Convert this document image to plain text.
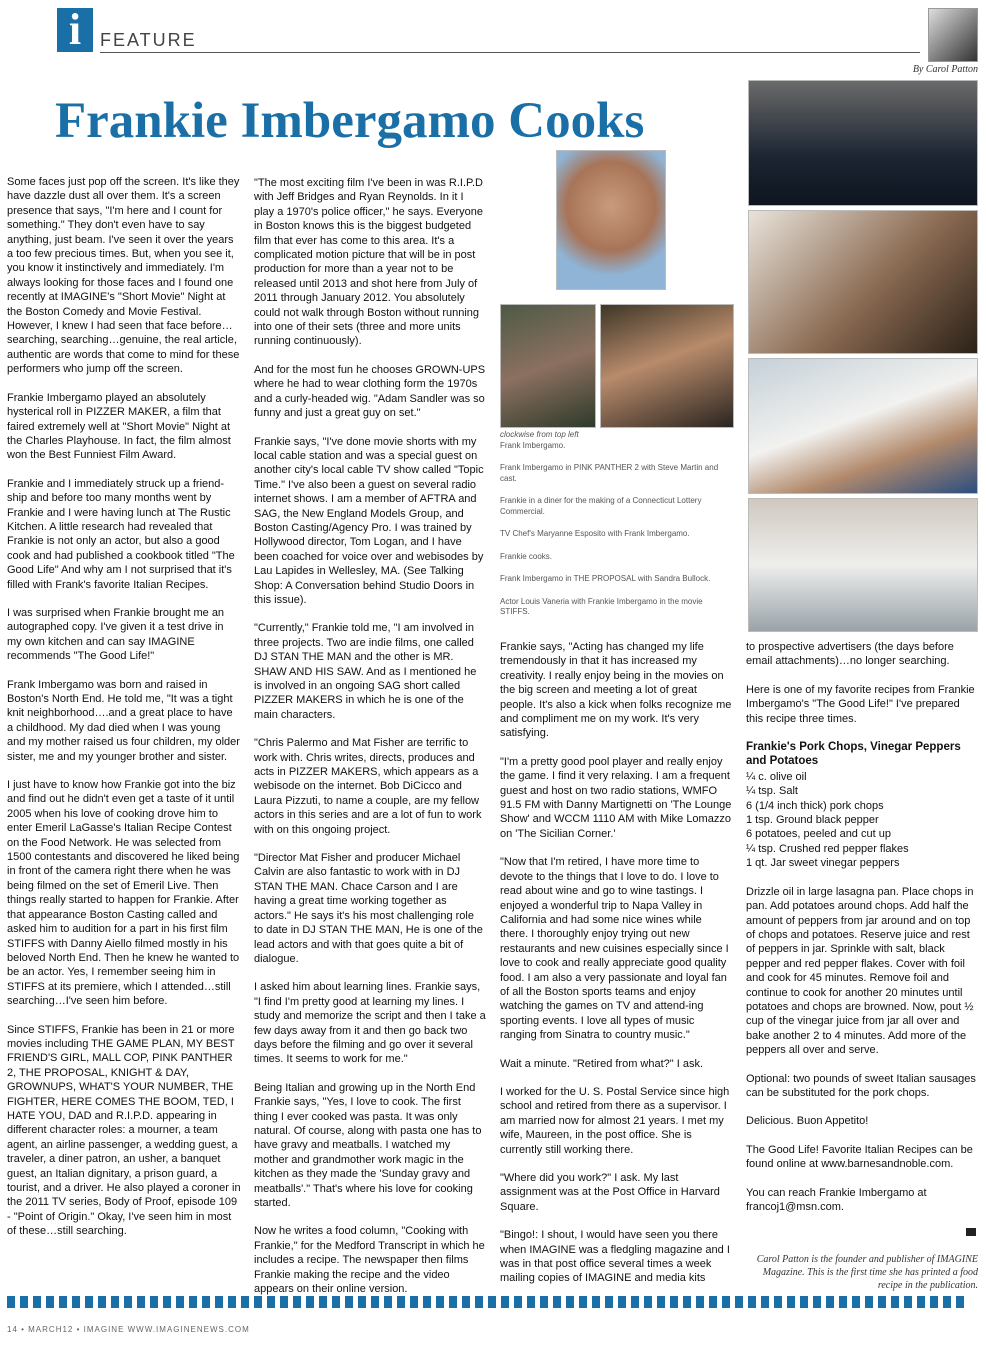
i	FEATURE
By Carol Patton
Frankie Imbergamo Cooks

Some faces just pop off the screen. It's like they have dazzle dust all over them. It's a screen presence that says, "I'm here and I count for something." They don't even have to say anything, just beam. I've seen it over the years a too few precious times. But, when you see it, you know it instinctively and immediately. I'm always looking for those faces and I found one recently at IMAGINE's "Short Movie" Night at the Boston Comedy and Movie Festival. However, I knew I had seen that face before…searching, searching…genuine, the real article, authentic are words that come to mind for these performers who jump off the screen.

Frankie Imbergamo played an absolutely hysterical roll in PIZZER MAKER, a film that faired extremely well at "Short Movie" Night at the Charles Playhouse. In fact, the film almost won the Best Funniest Film Award.

Frankie and I immediately struck up a friend-ship and before too many months went by Frankie and I were having lunch at The Rustic Kitchen. A little research had revealed that Frankie is not only an actor, but also a good cook and had published a cookbook titled "The Good Life" And why am I not surprised that it's filled with Frank's favorite Italian Recipes.

I was surprised when Frankie brought me an autographed copy. I've given it a test drive in my own kitchen and can say IMAGINE recommends "The Good Life!"

Frank Imbergamo was born and raised in Boston's North End. He told me, "It was a tight knit neighborhood….and a great place to have a childhood. My dad died when I was young and my mother raised us four children, my older sister, me and my younger brother and sister.

I just have to know how Frankie got into the biz and find out he didn't even get a taste of it until 2005 when his love of cooking drove him to enter Emeril LaGasse's Italian Recipe Contest on the Food Network. He was selected from 1500 contestants and discovered he liked being in front of the camera right there when he was being filmed on the set of Emeril Live. Then things really started to happen for Frankie. After that appearance Boston Casting called and asked him to audition for a part in his first film STIFFS with Danny Aiello filmed mostly in his beloved North End. Then he knew he wanted to be an actor. Yes, I remember seeing him in STIFFS at its premiere, which I attended…still searching…I've seen him before.

Since STIFFS, Frankie has been in 21 or more movies including THE GAME PLAN, MY BEST FRIEND'S GIRL, MALL COP, PINK PANTHER 2, THE PROPOSAL, KNIGHT & DAY, GROWNUPS, WHAT'S YOUR NUMBER, THE FIGHTER, HERE COMES THE BOOM, TED, I HATE YOU, DAD and R.I.P.D. appearing in different character roles: a mourner, a team agent, an airline passenger, a wedding guest, a traveler, a diner patron, an usher, a banquet guest, an Italian dignitary, a prison guard, a tourist, and a driver. He also played a coroner in the 2011 TV series, Body of Proof, episode 109 - "Point of Origin." Okay, I've seen him in most of these…still searching.

"The most exciting film I've been in was R.I.P.D with Jeff Bridges and Ryan Reynolds. In it I play a 1970's police officer," he says. Everyone in Boston knows this is the biggest budgeted film that ever has come to this area. It's a complicated motion picture that will be in post production for more than a year not to be released until 2013 and shot here from July of 2011 through January 2012. You absolutely could not walk through Boston without running into one of their sets (three and more units running continuously).

And for the most fun he chooses GROWN-UPS where he had to wear clothing form the 1970s and a curly-headed wig. "Adam Sandler was so funny and just a great guy on set."

Frankie says, "I've done movie shorts with my local cable station and was a special guest on another city's local cable TV show called "Topic Time." I've also been a guest on several radio internet shows. I am a member of AFTRA and SAG, the New England Models Group, and Boston Casting/Agency Pro. I was trained by Hollywood director, Tom Logan, and I have been coached for voice over and webisodes by Lau Lapides in Wellesley, MA. (See Talking Shop: A Conversation behind Studio Doors in this issue).

"Currently," Frankie told me, "I am involved in three projects. Two are indie films, one called DJ STAN THE MAN and the other is MR. SHAW AND HIS SAW. And as I mentioned he is involved in an ongoing SAG short called PIZZER MAKERS in which he is one of the main characters.

"Chris Palermo and Mat Fisher are terrific to work with. Chris writes, directs, produces and acts in PIZZER MAKERS, which appears as a webisode on the internet. Bob DiCicco and Laura Pizzuti, to name a couple, are my fellow actors in this series and are a lot of fun to work with on this ongoing project.

"Director Mat Fisher and producer Michael Calvin are also fantastic to work with in DJ STAN THE MAN. Chace Carson and I are having a great time working together as actors." He says it's his most challenging role to date in DJ STAN THE MAN, He is one of the lead actors and with that goes quite a bit of dialogue.

I asked him about learning lines. Frankie says, "I find I'm pretty good at learning my lines. I study and memorize the script and then I take a few days away from it and then go back two days before the filming and go over it several times. It seems to work for me."

Being Italian and growing up in the North End Frankie says, "Yes, I love to cook. The first thing I ever cooked was pasta. It was only natural. Of course, along with pasta one has to have gravy and meatballs. I watched my mother and grandmother work magic in the kitchen as they made the 'Sunday gravy and meatballs'." That's where his love for cooking started.

Now he writes a food column, "Cooking with Frankie," for the Medford Transcript in which he includes a recipe. The newspaper then films Frankie making the recipe and the video appears on their online version.

clockwise from top left

Frank Imbergamo.

Frank Imbergamo in PINK PANTHER 2 with Steve Martin and cast.

Frankie in a diner for the making of a Connecticut Lottery Commercial.

TV Chef's Maryanne Esposito with Frank Imbergamo.

Frankie cooks.

Frank Imbergamo in THE PROPOSAL with Sandra Bullock.

Actor Louis Vaneria with Frankie Imbergamo in the movie STIFFS.

Frankie says, "Acting has changed my life tremendously in that it has increased my creativity. I really enjoy being in the movies on the big screen and meeting a lot of great people. It's also a kick when folks recognize me and compliment me on my work. It's very satisfying.

"I'm a pretty good pool player and really enjoy the game. I find it very relaxing. I am a frequent guest and host on two radio stations, WMFO 91.5 FM with Danny Martignetti on 'The Lounge Show' and WCCM 1110 AM with Mike Lomazzo on 'The Sicilian Corner.'

"Now that I'm retired, I have more time to devote to the things that I love to do. I love to read about wine and go to wine tastings. I enjoyed a wonderful trip to Napa Valley in California and had some nice wines while there. I thoroughly enjoy trying out new restaurants and new cuisines especially since I love to cook and really appreciate good quality food. I am also a very passionate and loyal fan of all the Boston sports teams and enjoy watching the games on TV and attend-ing sporting events. I love all types of music ranging from Sinatra to country music."

Wait a minute. "Retired from what?" I ask.

I worked for the U. S. Postal Service since high school and retired from there as a supervisor. I am married now for almost 21 years. I met my wife, Maureen, in the post office. She is currently still working there.

"Where did you work?" I ask. My last assignment was at the Post Office in Harvard Square.

"Bingo!: I shout, I would have seen you there when IMAGINE was a fledgling magazine and I was in that post office several times a week mailing copies of IMAGINE and media kits

to prospective advertisers (the days before email attachments)…no longer searching.

Here is one of my favorite recipes from Frankie Imbergamo's "The Good Life!" I've prepared this recipe three times.

Frankie's Pork Chops, Vinegar Peppers and Potatoes
¼ c. olive oil
¼ tsp. Salt
6 (1/4 inch thick) pork chops
1 tsp. Ground black pepper
6 potatoes, peeled and cut up
¼ tsp. Crushed red pepper flakes
1 qt. Jar sweet vinegar peppers

Drizzle oil in large lasagna pan. Place chops in pan. Add potatoes around chops. Add half the amount of peppers from jar around and on top of chops and potatoes. Reserve juice and rest of peppers in jar. Sprinkle with salt, black pepper and red pepper flakes. Cover with foil and cook for 45 minutes. Remove foil and continue to cook for another 20 minutes until potatoes and chops are browned. Now, pout ½ cup of the vinegar juice from jar all over and bake another 2 to 4 minutes. Add more of the peppers all over and serve.

Optional: two pounds of sweet Italian sausages can be substituted for the pork chops.

Delicious. Buon Appetito!

The Good Life! Favorite Italian Recipes can be found online at www.barnesandnoble.com.

You can reach Frankie Imbergamo at francoj1@msn.com.

Carol Patton is the founder and publisher of IMAGINE Magazine. This is the first time she has printed a food recipe in the publication.

14 • MARCH12 • IMAGINE WWW.IMAGINENEWS.COM
